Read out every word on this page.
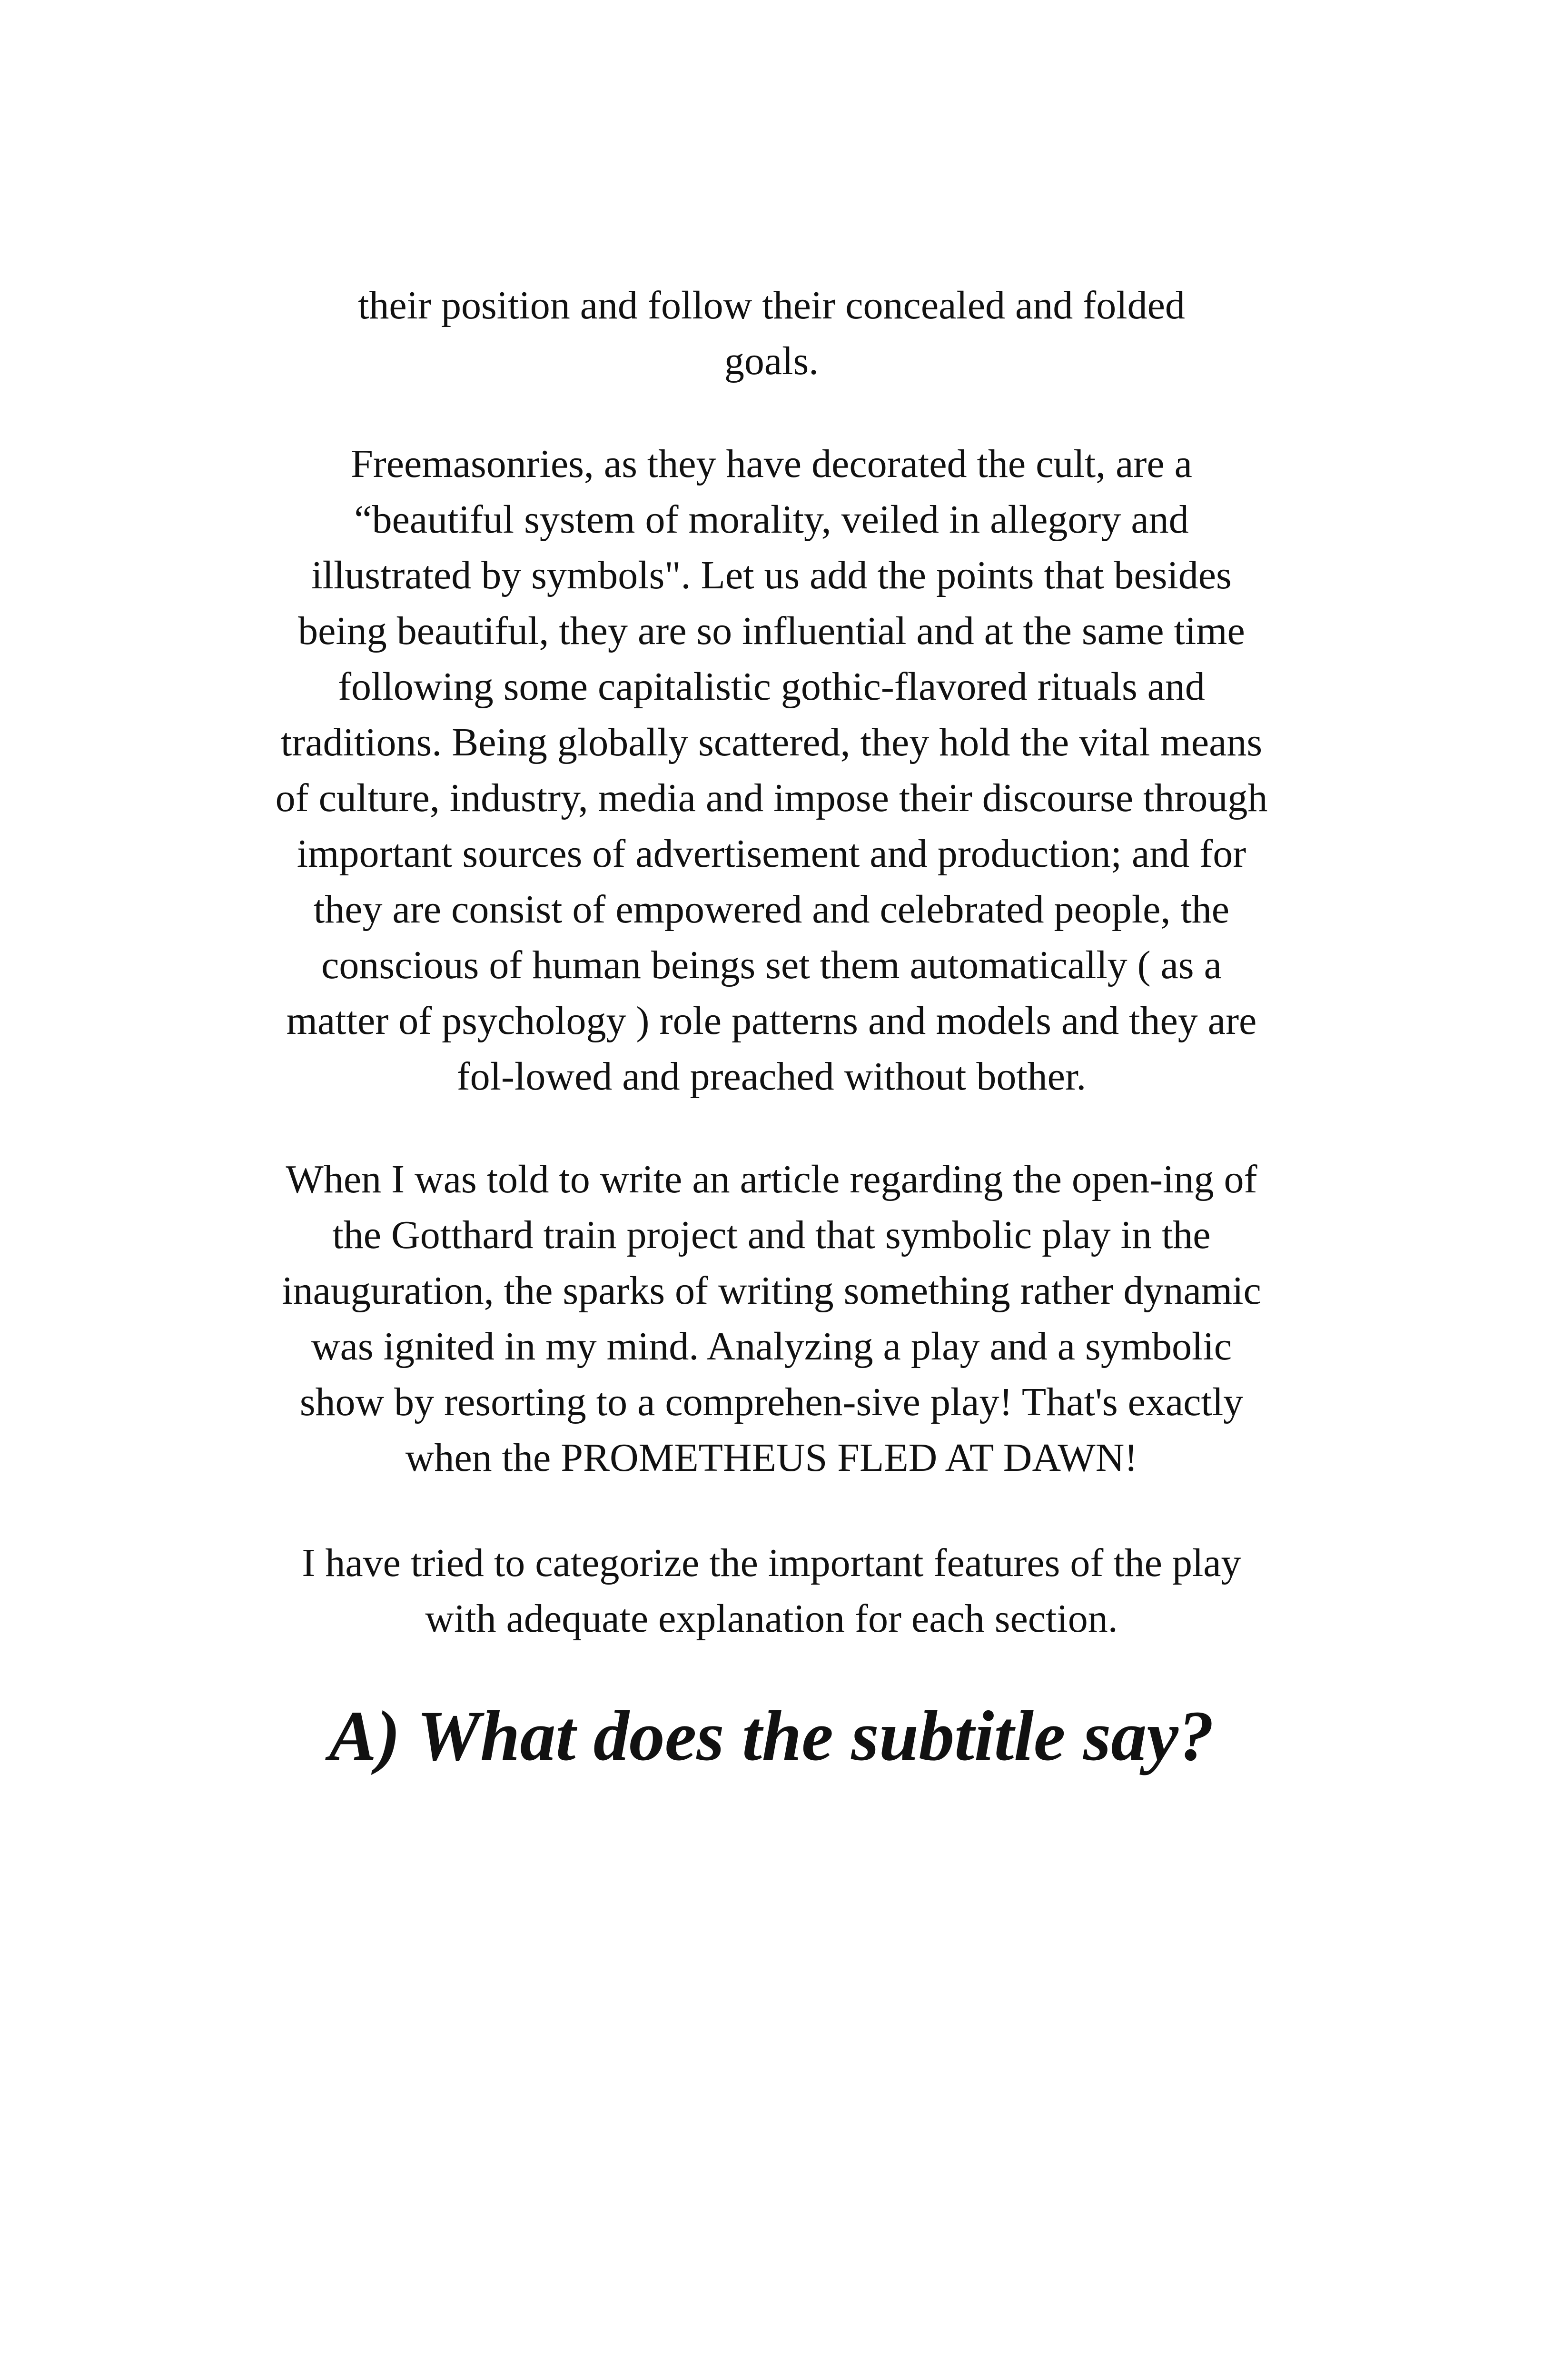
their position and follow their concealed and folded
goals.

Freemasonries, as they have decorated the cult, are a
“beautiful system of morality, veiled in allegory and
illustrated by symbols". Let us add the points that besides
being beautiful, they are so influential and at the same time
following some capitalistic gothic-flavored rituals and
traditions. Being globally scattered, they hold the vital means
of culture, industry, media and impose their discourse through
important sources of advertisement and production; and for
they are consist of empowered and celebrated people, the
conscious of human beings set them automatically ( as a
matter of psychology ) role patterns and models and they are
fol-lowed and preached without bother.

When I was told to write an article regarding the open-ing of
the Gotthard train project and that symbolic play in the
inauguration, the sparks of writing something rather dynamic
was ignited in my mind. Analyzing a play and a symbolic
show by resorting to a comprehen-sive play! That's exactly
when the PROMETHEUS FLED AT DAWN!

I have tried to categorize the important features of the play
with adequate explanation for each section.

A) What does the subtitle say?
